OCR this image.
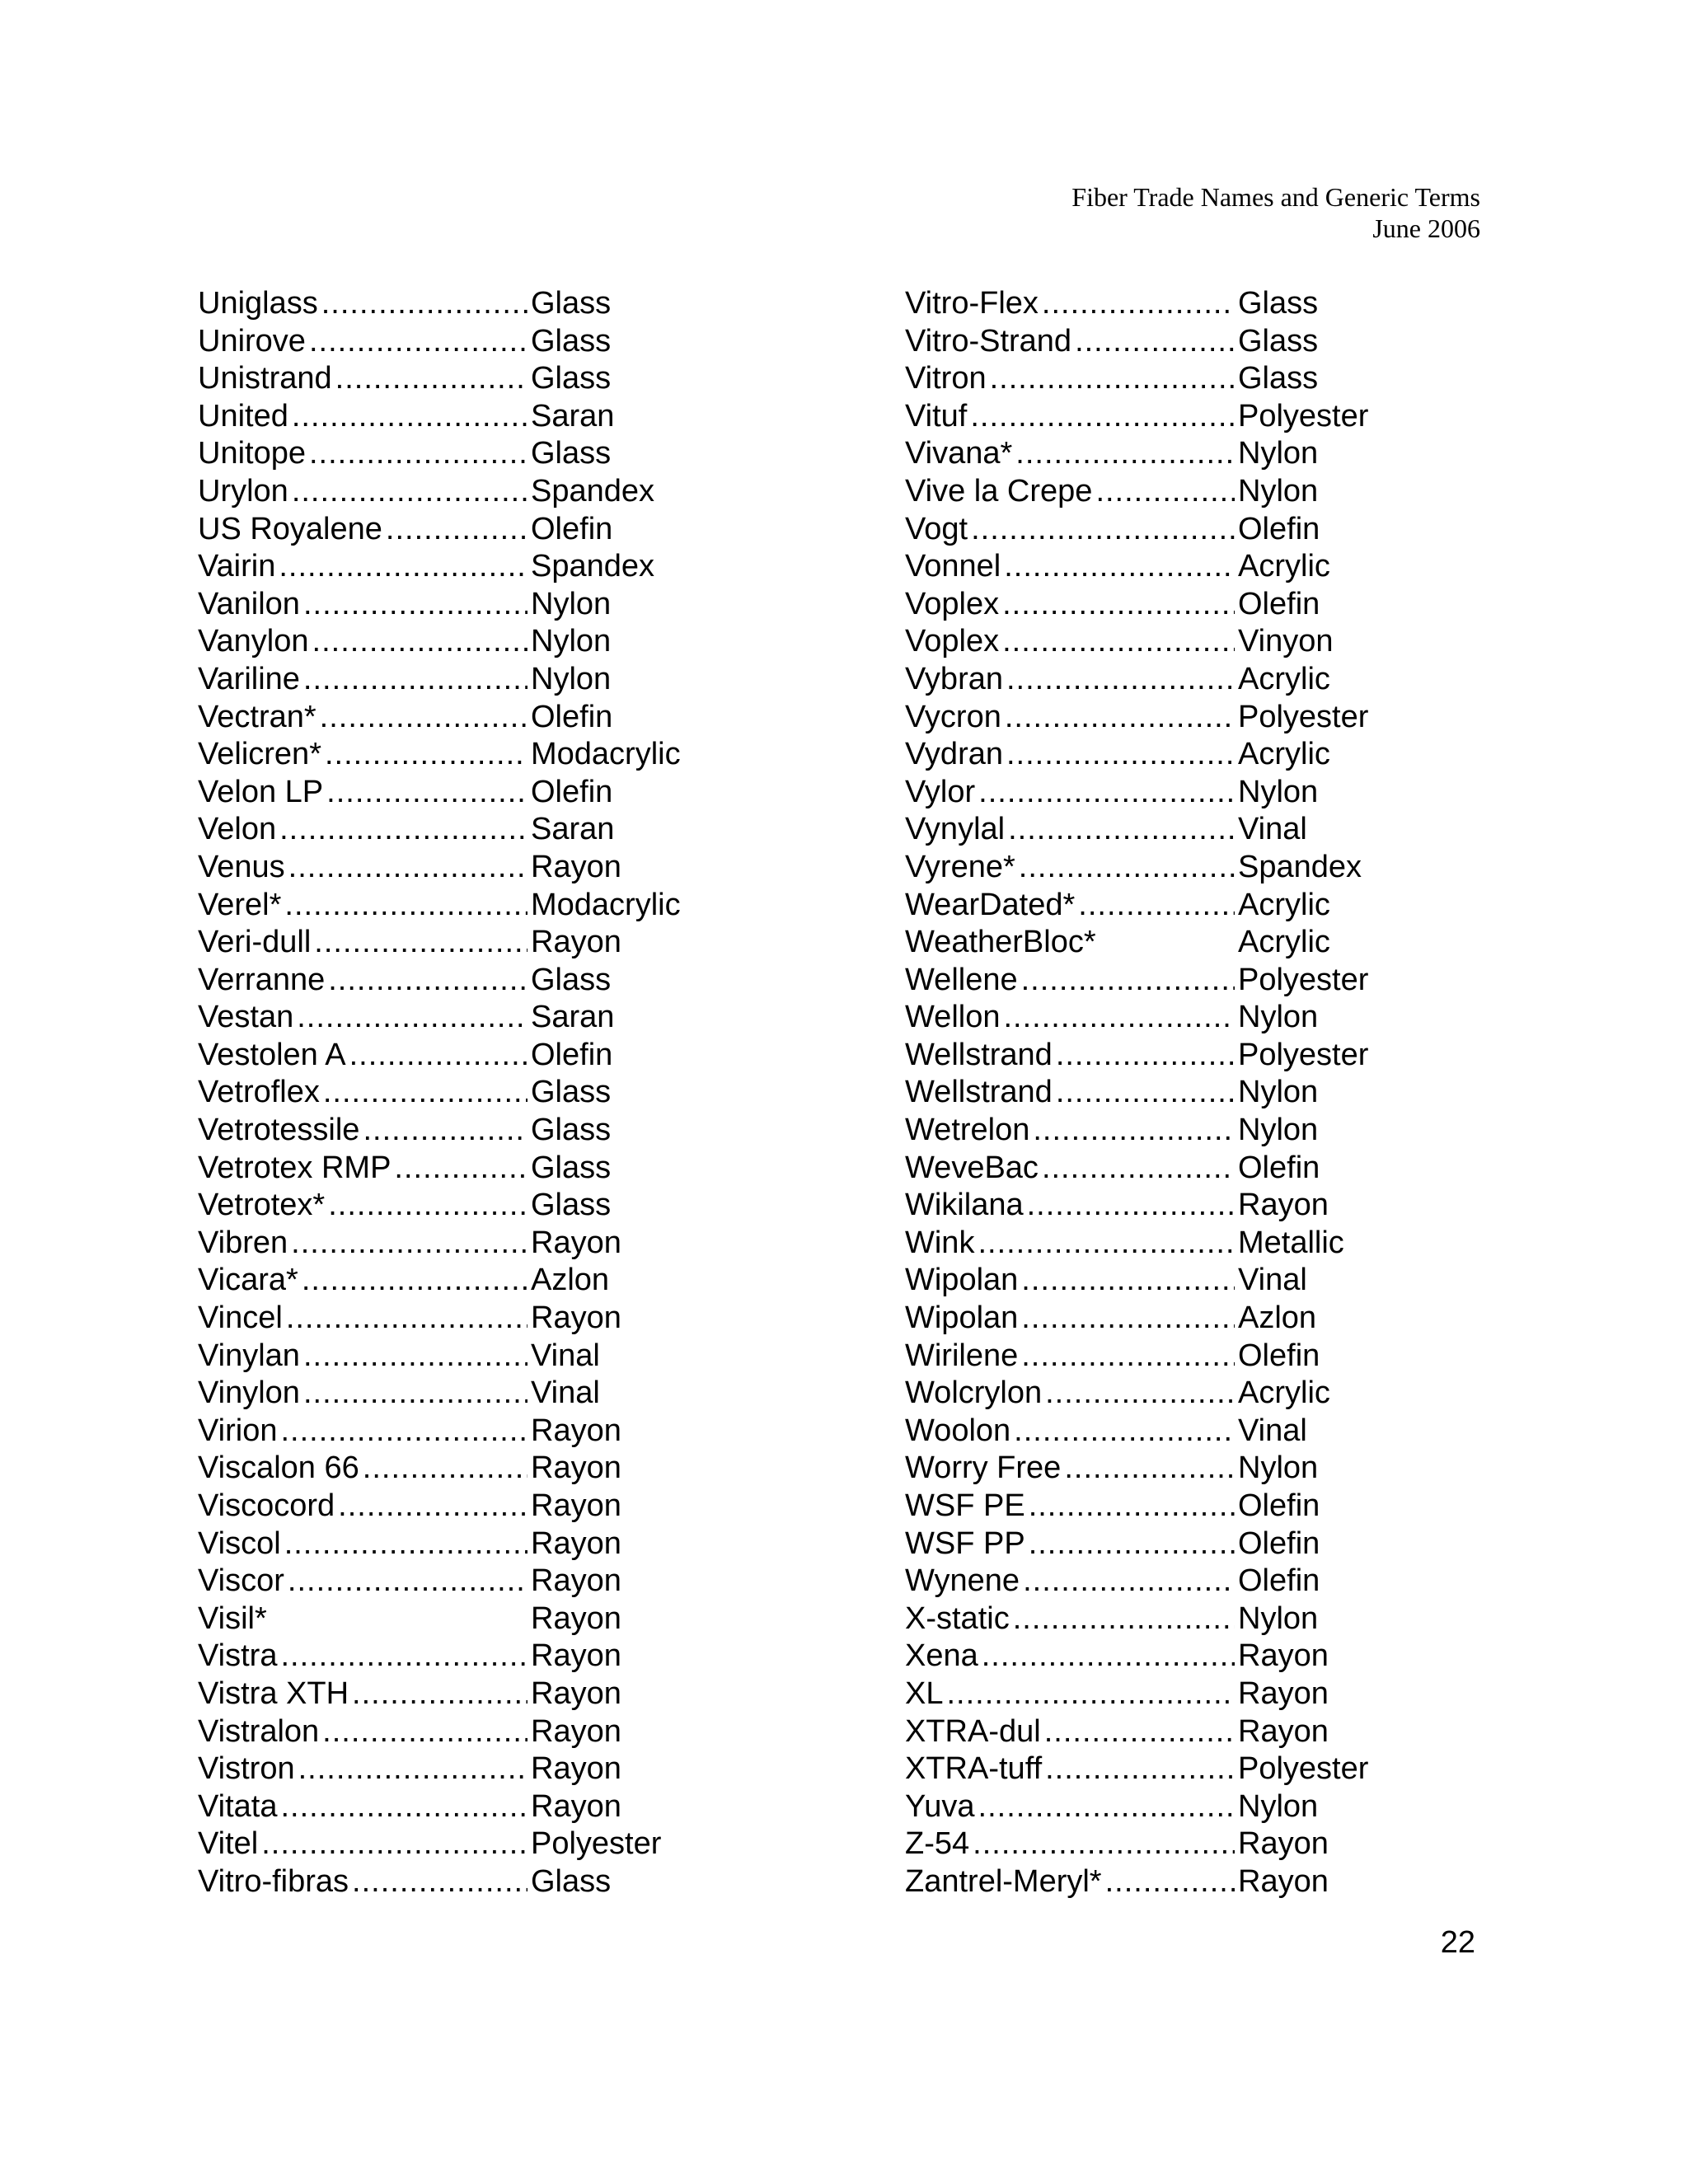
Fiber Trade Names and Generic Terms
June 2006
Uniglass .....	Glass
Unirove .....	Glass
Unistrand .....	Glass
United .....	Saran
Unitope .....	Glass
Urylon .....	Spandex
US Royalene .....	Olefin
Vairin .....	Spandex
Vanilon .....	Nylon
Vanylon .....	Nylon
Variline .....	Nylon
Vectran* .....	Olefin
Velicren* .....	Modacrylic
Velon LP .....	Olefin
Velon .....	Saran
Venus .....	Rayon
Verel* .....	Modacrylic
Veri-dull .....	Rayon
Verranne .....	Glass
Vestan .....	Saran
Vestolen A .....	Olefin
Vetroflex .....	Glass
Vetrotessile .....	Glass
Vetrotex RMP .....	Glass
Vetrotex* .....	Glass
Vibren .....	Rayon
Vicara* .....	Azlon
Vincel .....	Rayon
Vinylan .....	Vinal
Vinylon .....	Vinal
Virion .....	Rayon
Viscalon 66 .....	Rayon
Viscocord .....	Rayon
Viscol .....	Rayon
Viscor .....	Rayon
Visil*	Rayon
Vistra .....	Rayon
Vistra XTH .....	Rayon
Vistralon .....	Rayon
Vistron .....	Rayon
Vitata .....	Rayon
Vitel .....	Polyester
Vitro-fibras .....	Glass
Vitro-Flex .....	Glass
Vitro-Strand .....	Glass
Vitron .....	Glass
Vituf .....	Polyester
Vivana* .....	Nylon
Vive la Crepe .....	Nylon
Vogt .....	Olefin
Vonnel .....	Acrylic
Voplex .....	Olefin
Voplex .....	Vinyon
Vybran .....	Acrylic
Vycron .....	Polyester
Vydran .....	Acrylic
Vylor .....	Nylon
Vynylal .....	Vinal
Vyrene* .....	Spandex
WearDated* .....	Acrylic
WeatherBloc*	Acrylic
Wellene .....	Polyester
Wellon .....	Nylon
Wellstrand .....	Polyester
Wellstrand .....	Nylon
Wetrelon .....	Nylon
WeveBac .....	Olefin
Wikilana .....	Rayon
Wink .....	Metallic
Wipolan .....	Vinal
Wipolan .....	Azlon
Wirilene .....	Olefin
Wolcrylon .....	Acrylic
Woolon .....	Vinal
Worry Free .....	Nylon
WSF PE .....	Olefin
WSF PP .....	Olefin
Wynene .....	Olefin
X-static .....	Nylon
Xena .....	Rayon
XL .....	Rayon
XTRA-dul .....	Rayon
XTRA-tuff .....	Polyester
Yuva .....	Nylon
Z-54 .....	Rayon
Zantrel-Meryl* .....	Rayon
22
